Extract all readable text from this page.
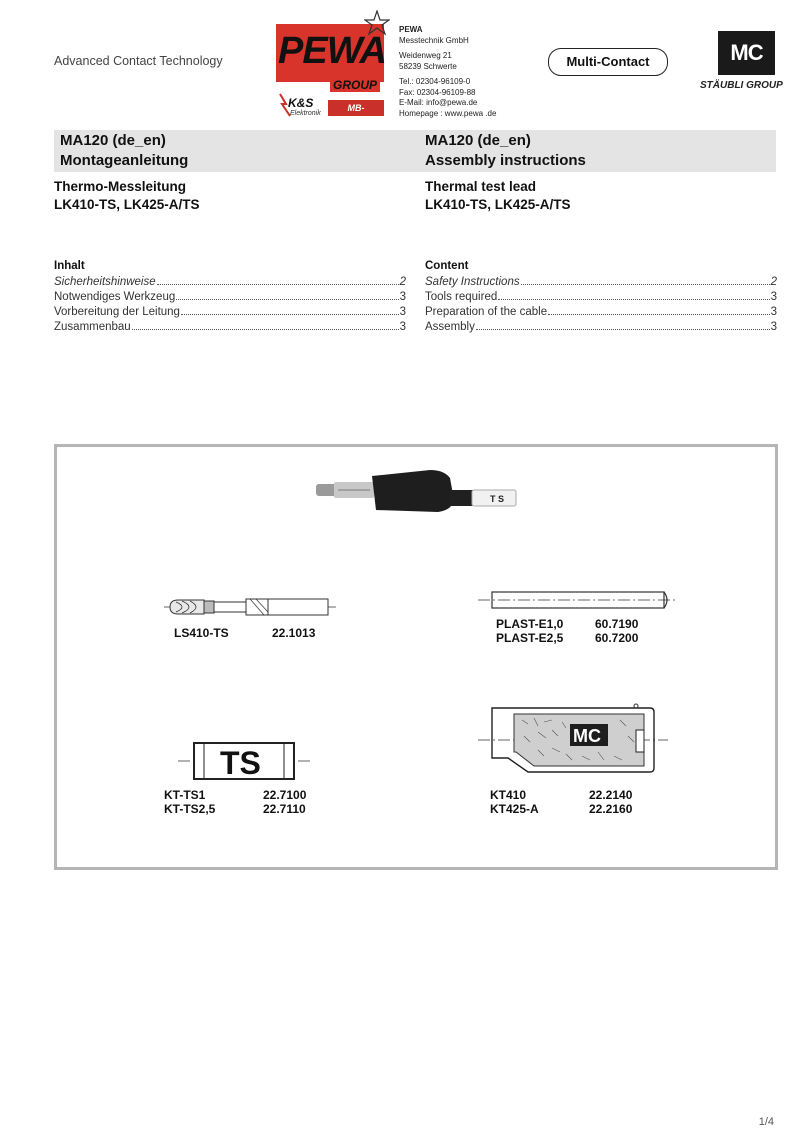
Advanced Contact Technology PEWA
GROUP
K&S
Elektronik
MB-electronic
PEWA
Messtechnik GmbH
Weidenweg 21
58239 Schwerte
Tel.: 02304-96109-0
Fax: 02304-96109-88
E-Mail: info@pewa.de
Homepage : www.pewa .de
Multi-Contact	MC
STÄUBLI GROUP
MA120 (de_en)
Montageanleitung
MA120 (de_en)
Assembly instructions
Thermo-Messleitung
LK410-TS, LK425-A/TS
Thermal test lead
LK410-TS, LK425-A/TS
Inhalt
Sicherheitshinweise	2
Notwendiges Werkzeug	3
Vorbereitung der Leitung	3
Zusammenbau	3
Content
Safety Instructions	2
Tools required	3
Preparation of the cable	3
Assembly	3
T S
LS410-TS	22.1013
PLAST-E1,0	60.7190
PLAST-E2,5	60.7200
TS
KT-TS1	22.7100
KT-TS2,5	22.7110
MC
KT410	22.2140
KT425-A	22.2160
1/4
